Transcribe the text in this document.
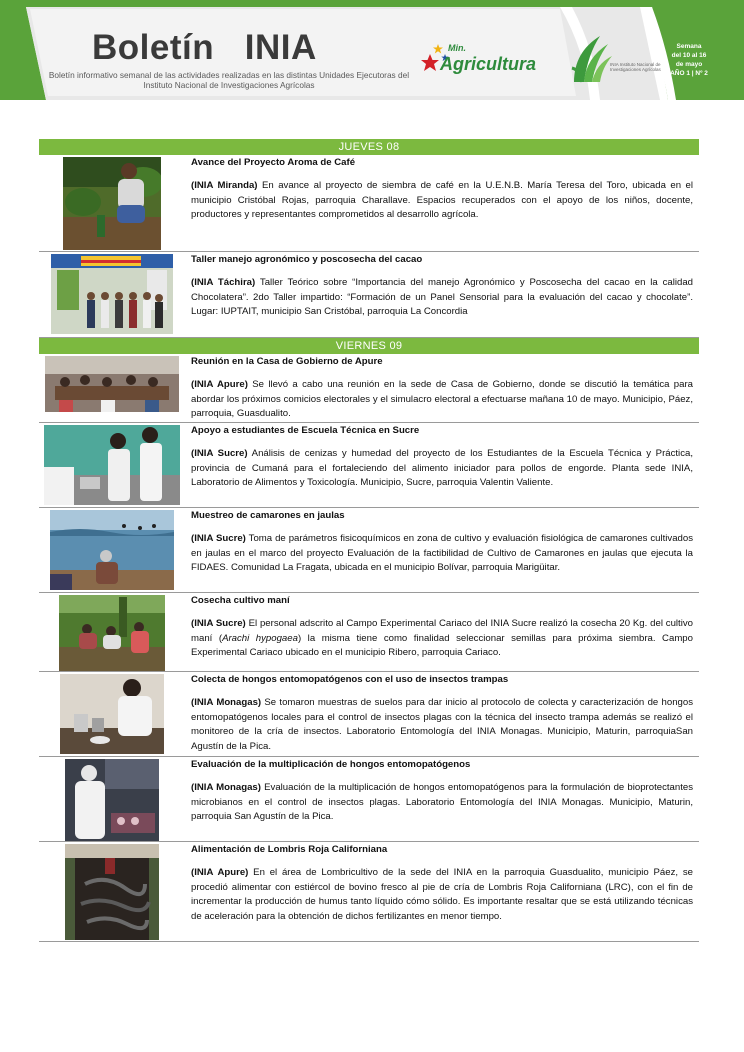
Boletín   INIA
Boletín informativo semanal de las actividades realizadas en las distintas Unidades Ejecutoras del Instituto Nacional de Investigaciones Agrícolas
Min.
Agricultura	INIA Instituto Nacional de Investigaciones Agrícolas
Semana
del 10 al 16
de mayo
AÑO 1 | Nº 2
JUEVES 08
Avance del Proyecto Aroma de Café
(INIA Miranda) En avance al proyecto de siembra de café en la U.E.N.B. María Teresa del Toro, ubicada en el municipio Cristóbal Rojas, parroquia Charallave. Espacios recuperados con el apoyo de los niños, docente, productores y representantes comprometidos al desarrollo agrícola.
Taller manejo agronómico y poscosecha del cacao
(INIA Táchira) Taller Teórico sobre “Importancia del manejo Agronómico y Poscosecha del cacao en la calidad Chocolatera”. 2do Taller impartido: “Formación de un Panel Sensorial para la evaluación del cacao y chocolate”. Lugar: IUPTAIT, municipio San Cristóbal, parroquia La Concordia
VIERNES 09
Reunión en la Casa de Gobierno de Apure
(INIA Apure) Se llevó a cabo una reunión en la sede de Casa de Gobierno, donde se discutió la temática para abordar los próximos comicios electorales y el simulacro electoral a efectuarse mañana 10 de mayo. Municipio, Páez, parroquia, Guasdualito.
Apoyo a estudiantes de Escuela Técnica en Sucre
(INIA Sucre) Análisis de cenizas y humedad del proyecto de los Estudiantes de la Escuela Técnica y Práctica, provincia de Cumaná para el fortaleciendo del alimento iniciador para pollos de engorde. Planta sede INIA, Laboratorio de Alimentos y Toxicología. Municipio, Sucre, parroquia Valentin Valiente.
Muestreo de camarones en jaulas
(INIA Sucre) Toma de parámetros fisicoquímicos en zona de cultivo y evaluación fisiológica de camarones cultivados en jaulas en el marco del proyecto Evaluación de la factibilidad de Cultivo de Camarones en jaulas que ejecuta la FIDAES. Comunidad La Fragata, ubicada en el municipio Bolívar, parroquia Marigüitar.
Cosecha cultivo maní
(INIA Sucre) El personal adscrito al Campo Experimental Cariaco del INIA Sucre realizó la cosecha 20 Kg. del cultivo maní (Arachi hypogaea) la misma tiene como finalidad seleccionar semillas para próxima siembra. Campo Experimental Cariaco ubicado en el municipio Ribero, parroquia Cariaco.
Colecta de hongos entomopatógenos con el uso de insectos trampas
(INIA Monagas) Se tomaron muestras de suelos para dar inicio al protocolo de colecta y caracterización de hongos entomopatógenos locales para el control de insectos plagas con la técnica del insecto trampa además se realizó el monitoreo de la cría de insectos. Laboratorio Entomología del INIA Monagas. Municipio, Maturin, parroquiaSan Agustín de la Pica.
Evaluación de la multiplicación de hongos entomopatógenos
(INIA Monagas) Evaluación de la multiplicación de hongos entomopatógenos para la formulación de bioprotectantes microbianos en el control de insectos plagas. Laboratorio Entomología del INIA Monagas. Municipio, Maturin, parroquia San Agustín de la Pica.
Alimentación de Lombris Roja Californiana
(INIA Apure) En el área de Lombricultivo de la sede del INIA en la parroquia Guasdualito, municipio Páez, se procedió alimentar con estiércol de bovino fresco al pie de cría de Lombris Roja Californiana (LRC), con el fin de incrementar la producción de humus tanto líquido cómo sólido. Es importante resaltar que se está utilizando técnicas de aceleración para la obtención de dichos fertilizantes en menor tiempo.
